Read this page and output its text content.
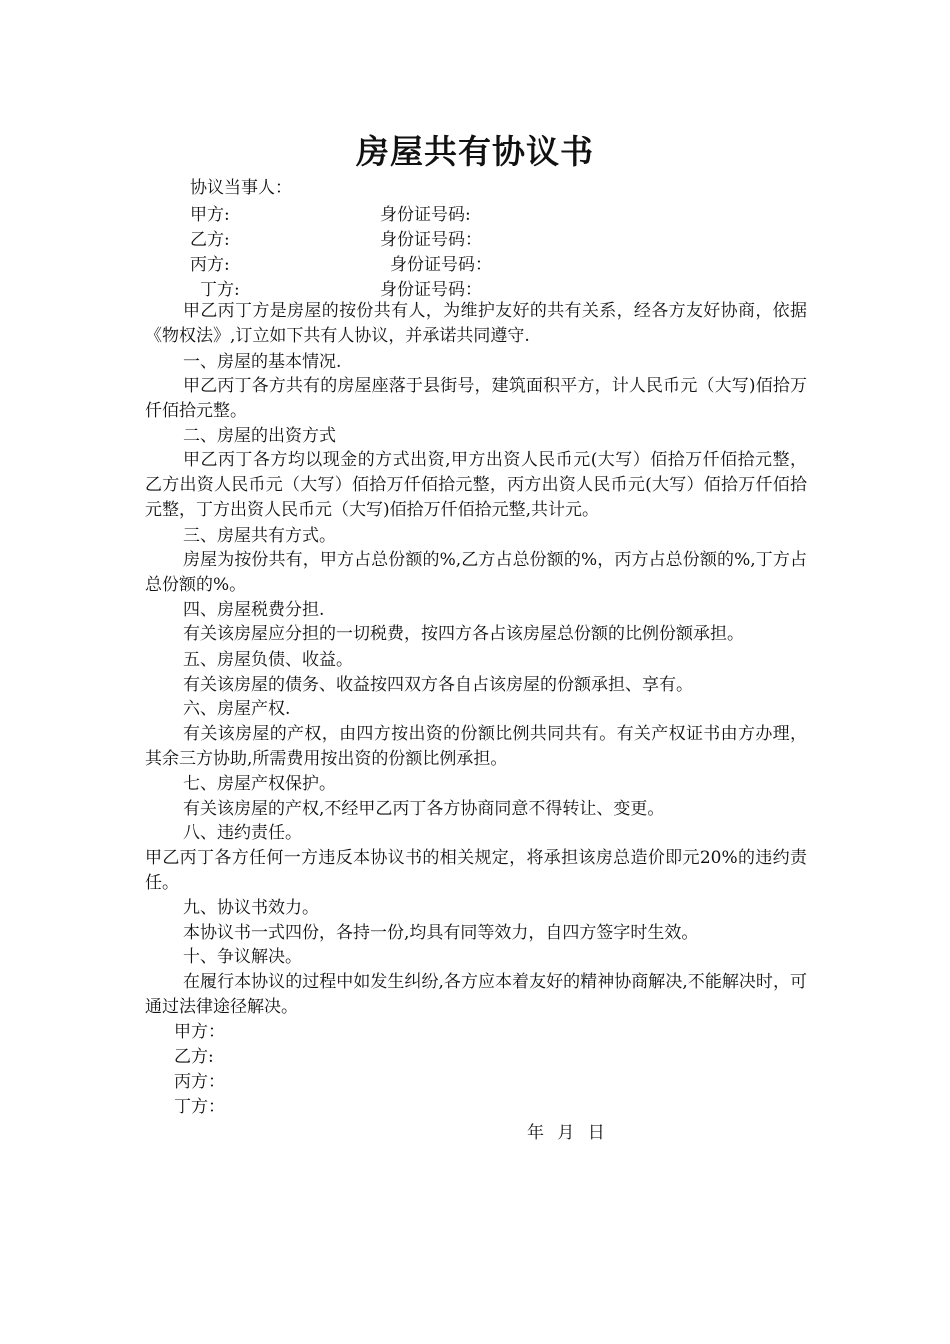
房屋共有协议书
协议当事人：
甲方:	身份证号码:
乙方:	身份证号码：
丙方:	身份证号码：
丁方:	身份证号码：
甲乙丙丁方是房屋的按份共有人，为维护友好的共有关系，经各方友好协商，依据《物权法》,订立如下共有人协议，并承诺共同遵守.
一、房屋的基本情况.
甲乙丙丁各方共有的房屋座落于县街号，建筑面积平方，计人民币元（大写)佰拾万仟佰拾元整。
二、房屋的出资方式
甲乙丙丁各方均以现金的方式出资,甲方出资人民币元(大写）佰拾万仟佰拾元整，乙方出资人民币元（大写）佰拾万仟佰拾元整，丙方出资人民币元(大写）佰拾万仟佰拾元整，丁方出资人民币元（大写)佰拾万仟佰拾元整,共计元。
三、房屋共有方式。
房屋为按份共有，甲方占总份额的%,乙方占总份额的%，丙方占总份额的%,丁方占总份额的%。
四、房屋税费分担.
有关该房屋应分担的一切税费，按四方各占该房屋总份额的比例份额承担。
五、房屋负债、收益。
有关该房屋的债务、收益按四双方各自占该房屋的份额承担、享有。
六、房屋产权.
有关该房屋的产权，由四方按出资的份额比例共同共有。有关产权证书由方办理，其余三方协助,所需费用按出资的份额比例承担。
七、房屋产权保护。
有关该房屋的产权,不经甲乙丙丁各方协商同意不得转让、变更。
八、违约责任。
甲乙丙丁各方任何一方违反本协议书的相关规定，将承担该房总造价即元20%的违约责任。
九、协议书效力。
本协议书一式四份，各持一份,均具有同等效力，自四方签字时生效。
十、争议解决。
在履行本协议的过程中如发生纠纷,各方应本着友好的精神协商解决,不能解决时，可通过法律途径解决。
甲方：
乙方:
丙方：
丁方：
年 月 日
